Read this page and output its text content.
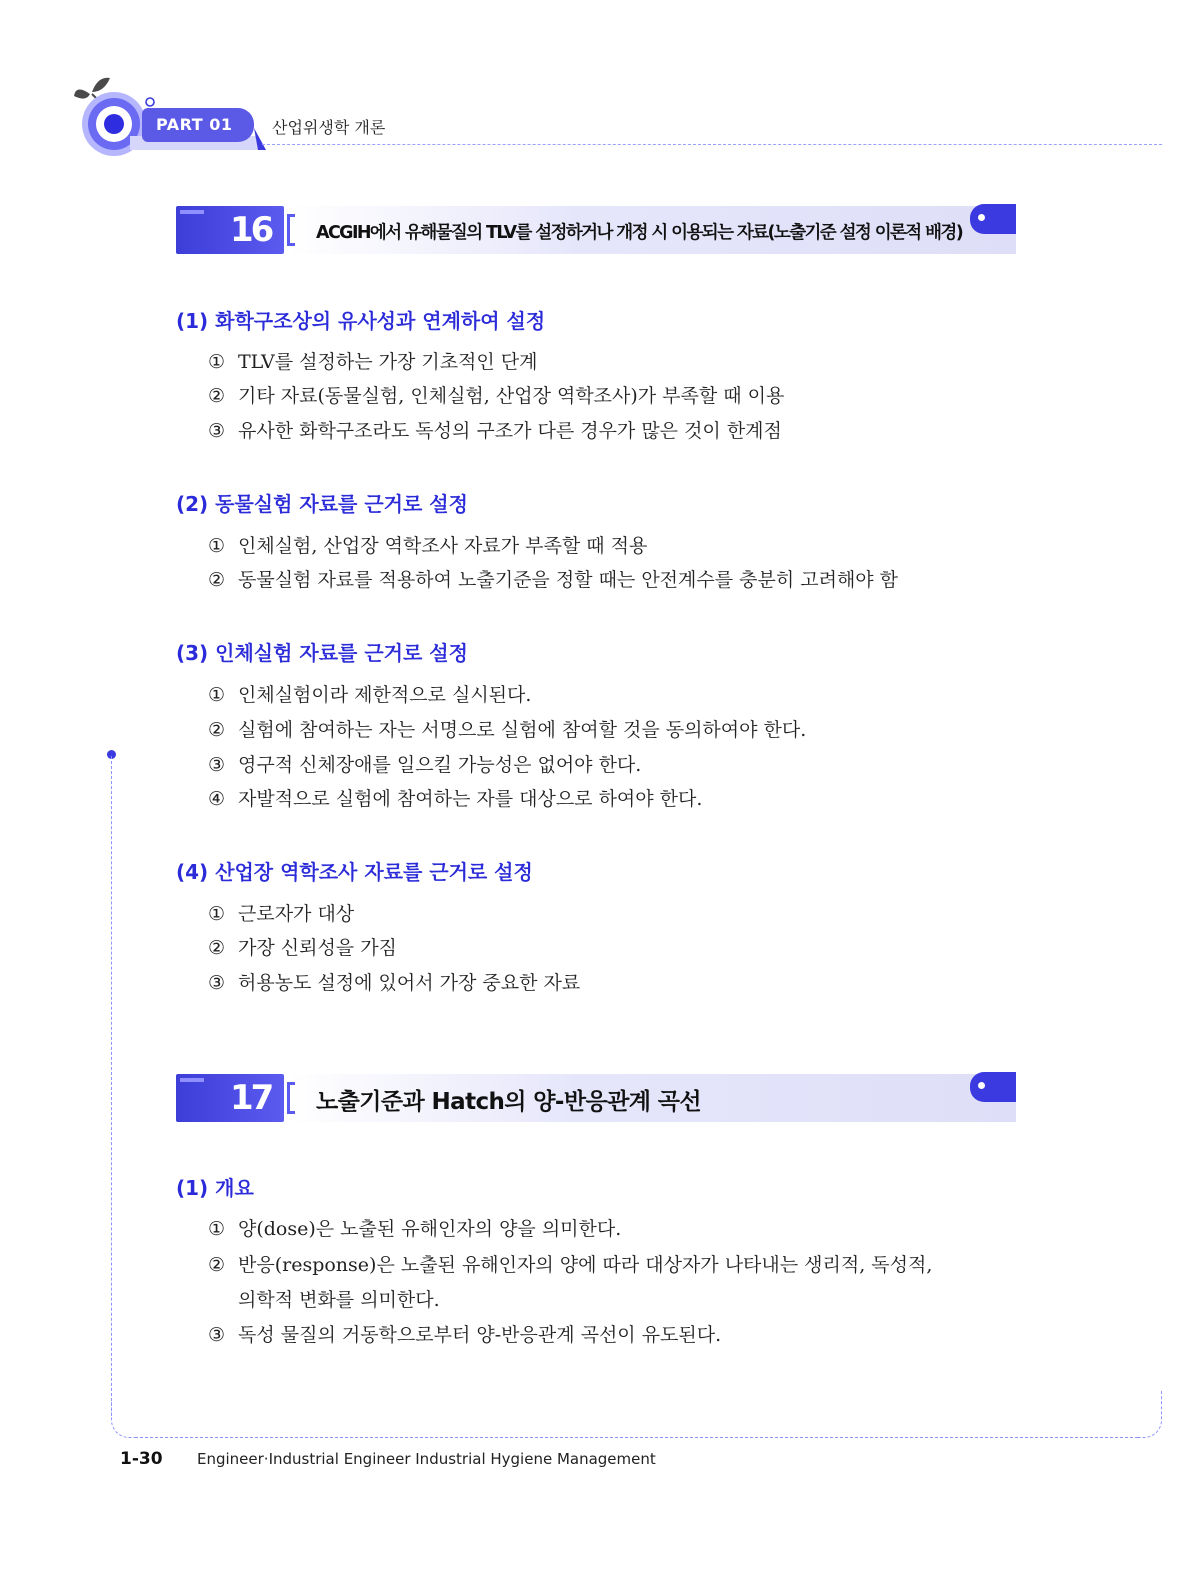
PART 01	산업위생학 개론
16	ACGIH에서 유해물질의 TLV를 설정하거나 개정 시 이용되는 자료(노출기준 설정 이론적 배경)
(1) 화학구조상의 유사성과 연계하여 설정
① TLV를 설정하는 가장 기초적인 단계
② 기타 자료(동물실험, 인체실험, 산업장 역학조사)가 부족할 때 이용
③ 유사한 화학구조라도 독성의 구조가 다른 경우가 많은 것이 한계점
(2) 동물실험 자료를 근거로 설정
① 인체실험, 산업장 역학조사 자료가 부족할 때 적용
② 동물실험 자료를 적용하여 노출기준을 정할 때는 안전계수를 충분히 고려해야 함
(3) 인체실험 자료를 근거로 설정
① 인체실험이라 제한적으로 실시된다.
② 실험에 참여하는 자는 서명으로 실험에 참여할 것을 동의하여야 한다.
③ 영구적 신체장애를 일으킬 가능성은 없어야 한다.
④ 자발적으로 실험에 참여하는 자를 대상으로 하여야 한다.
(4) 산업장 역학조사 자료를 근거로 설정
① 근로자가 대상
② 가장 신뢰성을 가짐
③ 허용농도 설정에 있어서 가장 중요한 자료
17 노출기준과 Hatch의 양-반응관계 곡선
(1) 개요
① 양(dose)은 노출된 유해인자의 양을 의미한다.
② 반응(response)은 노출된 유해인자의 양에 따라 대상자가 나타내는 생리적, 독성적,
의학적 변화를 의미한다.
③ 독성 물질의 거동학으로부터 양-반응관계 곡선이 유도된다.
1-30 Engineer·Industrial Engineer Industrial Hygiene Management
